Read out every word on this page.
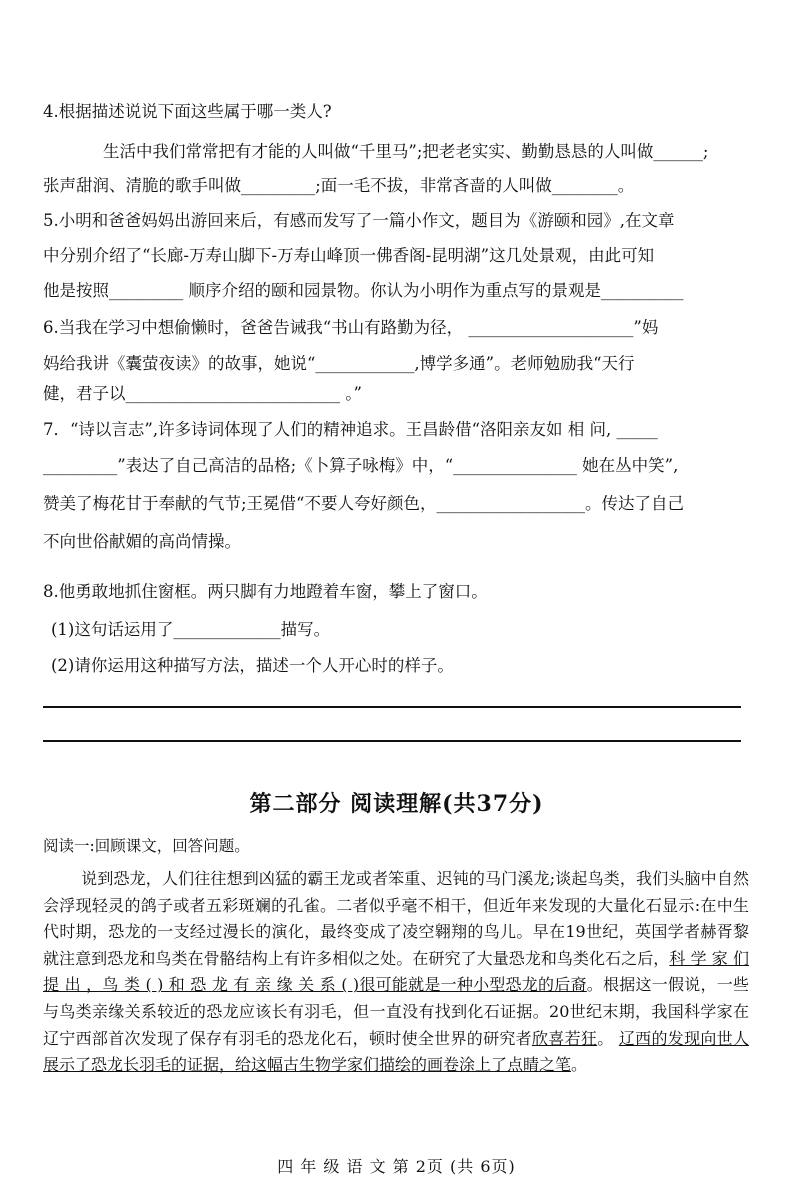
4.根据描述说说下面这些属于哪一类人?
生活中我们常常把有才能的人叫做“千里马”;把老老实实、勤勤恳恳的人叫做______;
张声甜润、清脆的歌手叫做_________;面一毛不拔，非常吝啬的人叫做________。
5.小明和爸爸妈妈出游回来后，有感而发写了一篇小作文，题目为《游颐和园》,在文章
中分别介绍了“长廊-万寿山脚下-万寿山峰顶一佛香阁-昆明湖”这几处景观，由此可知
他是按照_________ 顺序介绍的颐和园景物。你认为小明作为重点写的景观是__________
6.当我在学习中想偷懒时，爸爸告诫我“书山有路勤为径， ____________________”妈
妈给我讲《囊萤夜读》的故事，她说“____________,博学多通”。老师勉励我“天行
健，君子以__________________________ 。”
7．“诗以言志”,许多诗词体现了人们的精神追求。王昌龄借“洛阳亲友如 相 问, _____
_________”表达了自己高洁的品格;《卜算子咏梅》中，“_______________ 她在丛中笑”,
赞美了梅花甘于奉献的气节;王冕借“不要人夸好颜色，__________________。传达了自己
不向世俗献媚的高尚情操。
8.他勇敢地抓住窗框。两只脚有力地蹬着车窗，攀上了窗口。
(1)这句话运用了_____________描写。
(2)请你运用这种描写方法，描述一个人开心时的样子。
第二部分 阅读理解(共37分)
阅读一:回顾课文，回答问题。
说到恐龙，人们往往想到凶猛的霸王龙或者笨重、迟钝的马门溪龙;谈起鸟类，我们头脑中自然会浮现轻灵的鸽子或者五彩斑斓的孔雀。二者似乎毫不相干，但近年来发现的大量化石显示:在中生代时期，恐龙的一支经过漫长的演化，最终变成了凌空翱翔的鸟儿。早在19世纪，英国学者赫胥黎就注意到恐龙和鸟类在骨骼结构上有许多相似之处。在研究了大量恐龙和鸟类化石之后，科 学 家 们 提 出 ，鸟 类 ( ) 和 恐 龙 有 亲 缘 关 系 ( )很可能就是一种小型恐龙的后裔。根据这一假说，一些与鸟类亲缘关系较近的恐龙应该长有羽毛，但一直没有找到化石证据。20世纪末期，我国科学家在辽宁西部首次发现了保存有羽毛的恐龙化石，顿时使全世界的研究者欣喜若狂。 辽西的发现向世人展示了恐龙长羽毛的证据，给这幅古生物学家们描绘的画卷涂上了点睛之笔。
四 年 级 语 文 第 2页 (共 6页)
